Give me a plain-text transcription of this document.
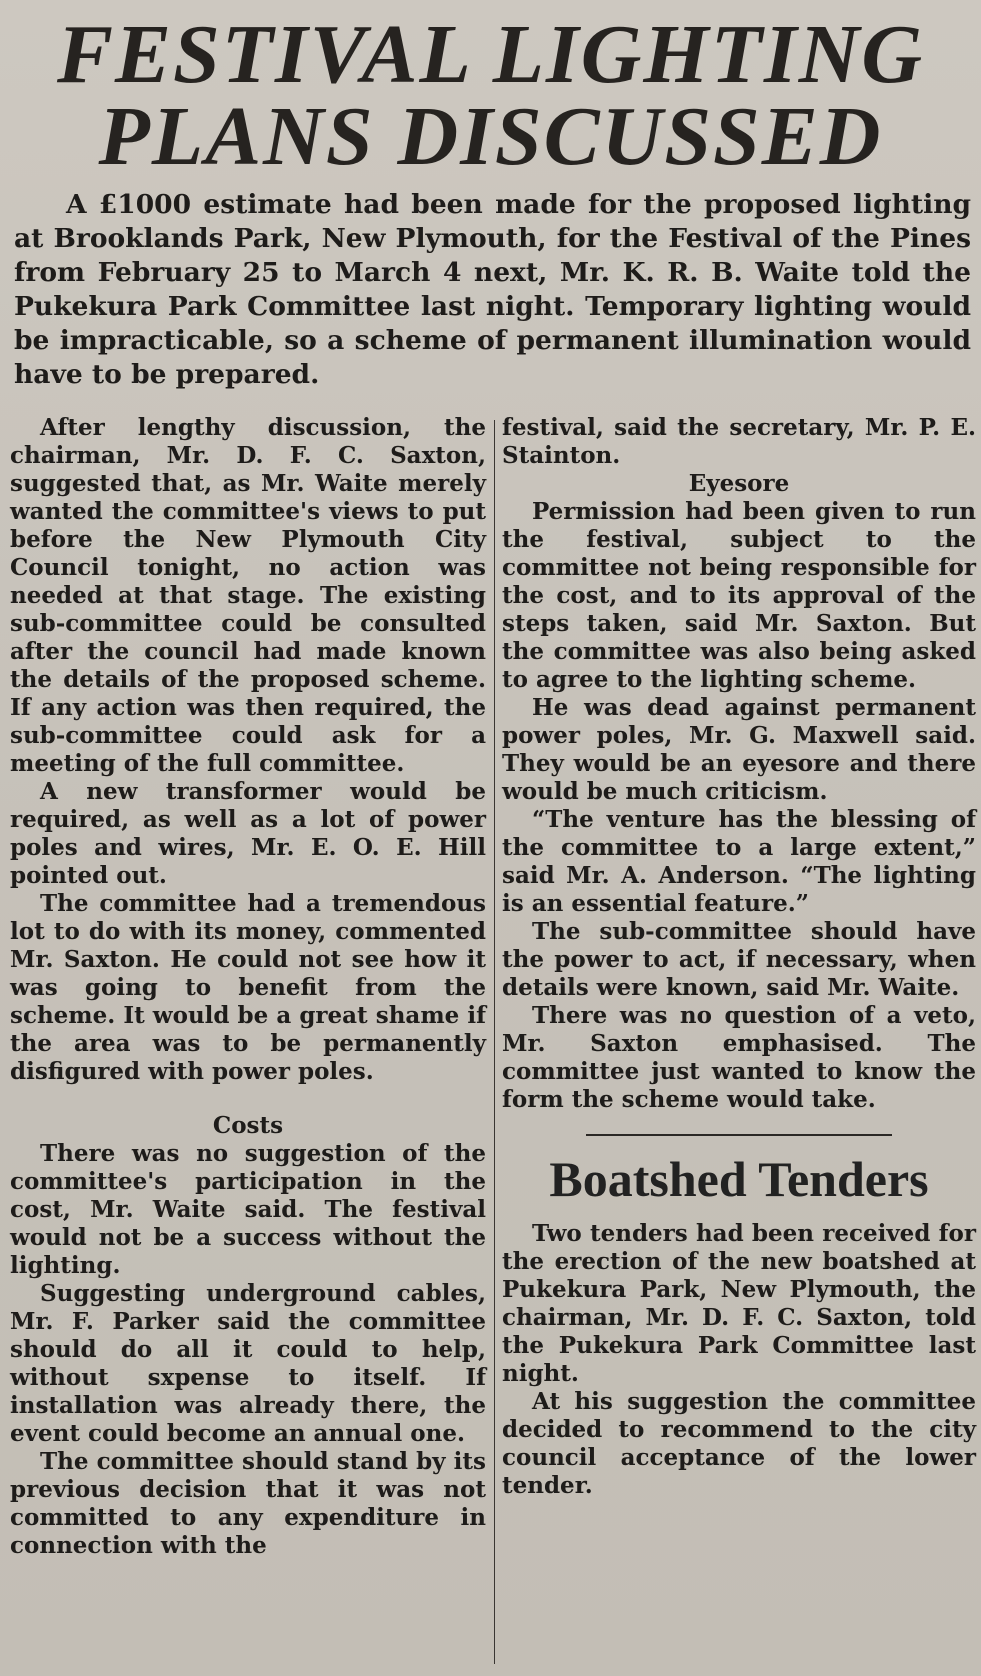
FESTIVAL LIGHTING
PLANS DISCUSSED

A £1000 estimate had been made for the proposed lighting at Brooklands Park, New Plymouth, for the Festival of the Pines from February 25 to March 4 next, Mr. K. R. B. Waite told the Pukekura Park Committee last night. Temporary lighting would be impracticable, so a scheme of permanent illumination would have to be prepared.

After lengthy discussion, the chairman, Mr. D. F. C. Saxton, suggested that, as Mr. Waite merely wanted the committee's views to put before the New Plymouth City Council tonight, no action was needed at that stage. The existing sub-committee could be consulted after the council had made known the details of the proposed scheme. If any action was then required, the sub-committee could ask for a meeting of the full committee.

A new transformer would be required, as well as a lot of power poles and wires, Mr. E. O. E. Hill pointed out.

The committee had a tremendous lot to do with its money, commented Mr. Saxton. He could not see how it was going to benefit from the scheme. It would be a great shame if the area was to be permanently disfigured with power poles.

Costs

There was no suggestion of the committee's participation in the cost, Mr. Waite said. The festival would not be a success without the lighting.

Suggesting underground cables, Mr. F. Parker said the committee should do all it could to help, without sxpense to itself. If installation was already there, the event could become an annual one.

The committee should stand by its previous decision that it was not committed to any expenditure in connection with the

festival, said the secretary, Mr. P. E. Stainton.

Eyesore

Permission had been given to run the festival, subject to the committee not being responsible for the cost, and to its approval of the steps taken, said Mr. Saxton. But the committee was also being asked to agree to the lighting scheme.

He was dead against permanent power poles, Mr. G. Maxwell said. They would be an eyesore and there would be much criticism.

“The venture has the blessing of the committee to a large extent,” said Mr. A. Anderson. “The lighting is an essential feature.”

The sub-committee should have the power to act, if necessary, when details were known, said Mr. Waite.

There was no question of a veto, Mr. Saxton emphasised. The committee just wanted to know the form the scheme would take.

Boatshed Tenders

Two tenders had been received for the erection of the new boatshed at Pukekura Park, New Plymouth, the chairman, Mr. D. F. C. Saxton, told the Pukekura Park Committee last night.

At his suggestion the committee decided to recommend to the city council acceptance of the lower tender.
